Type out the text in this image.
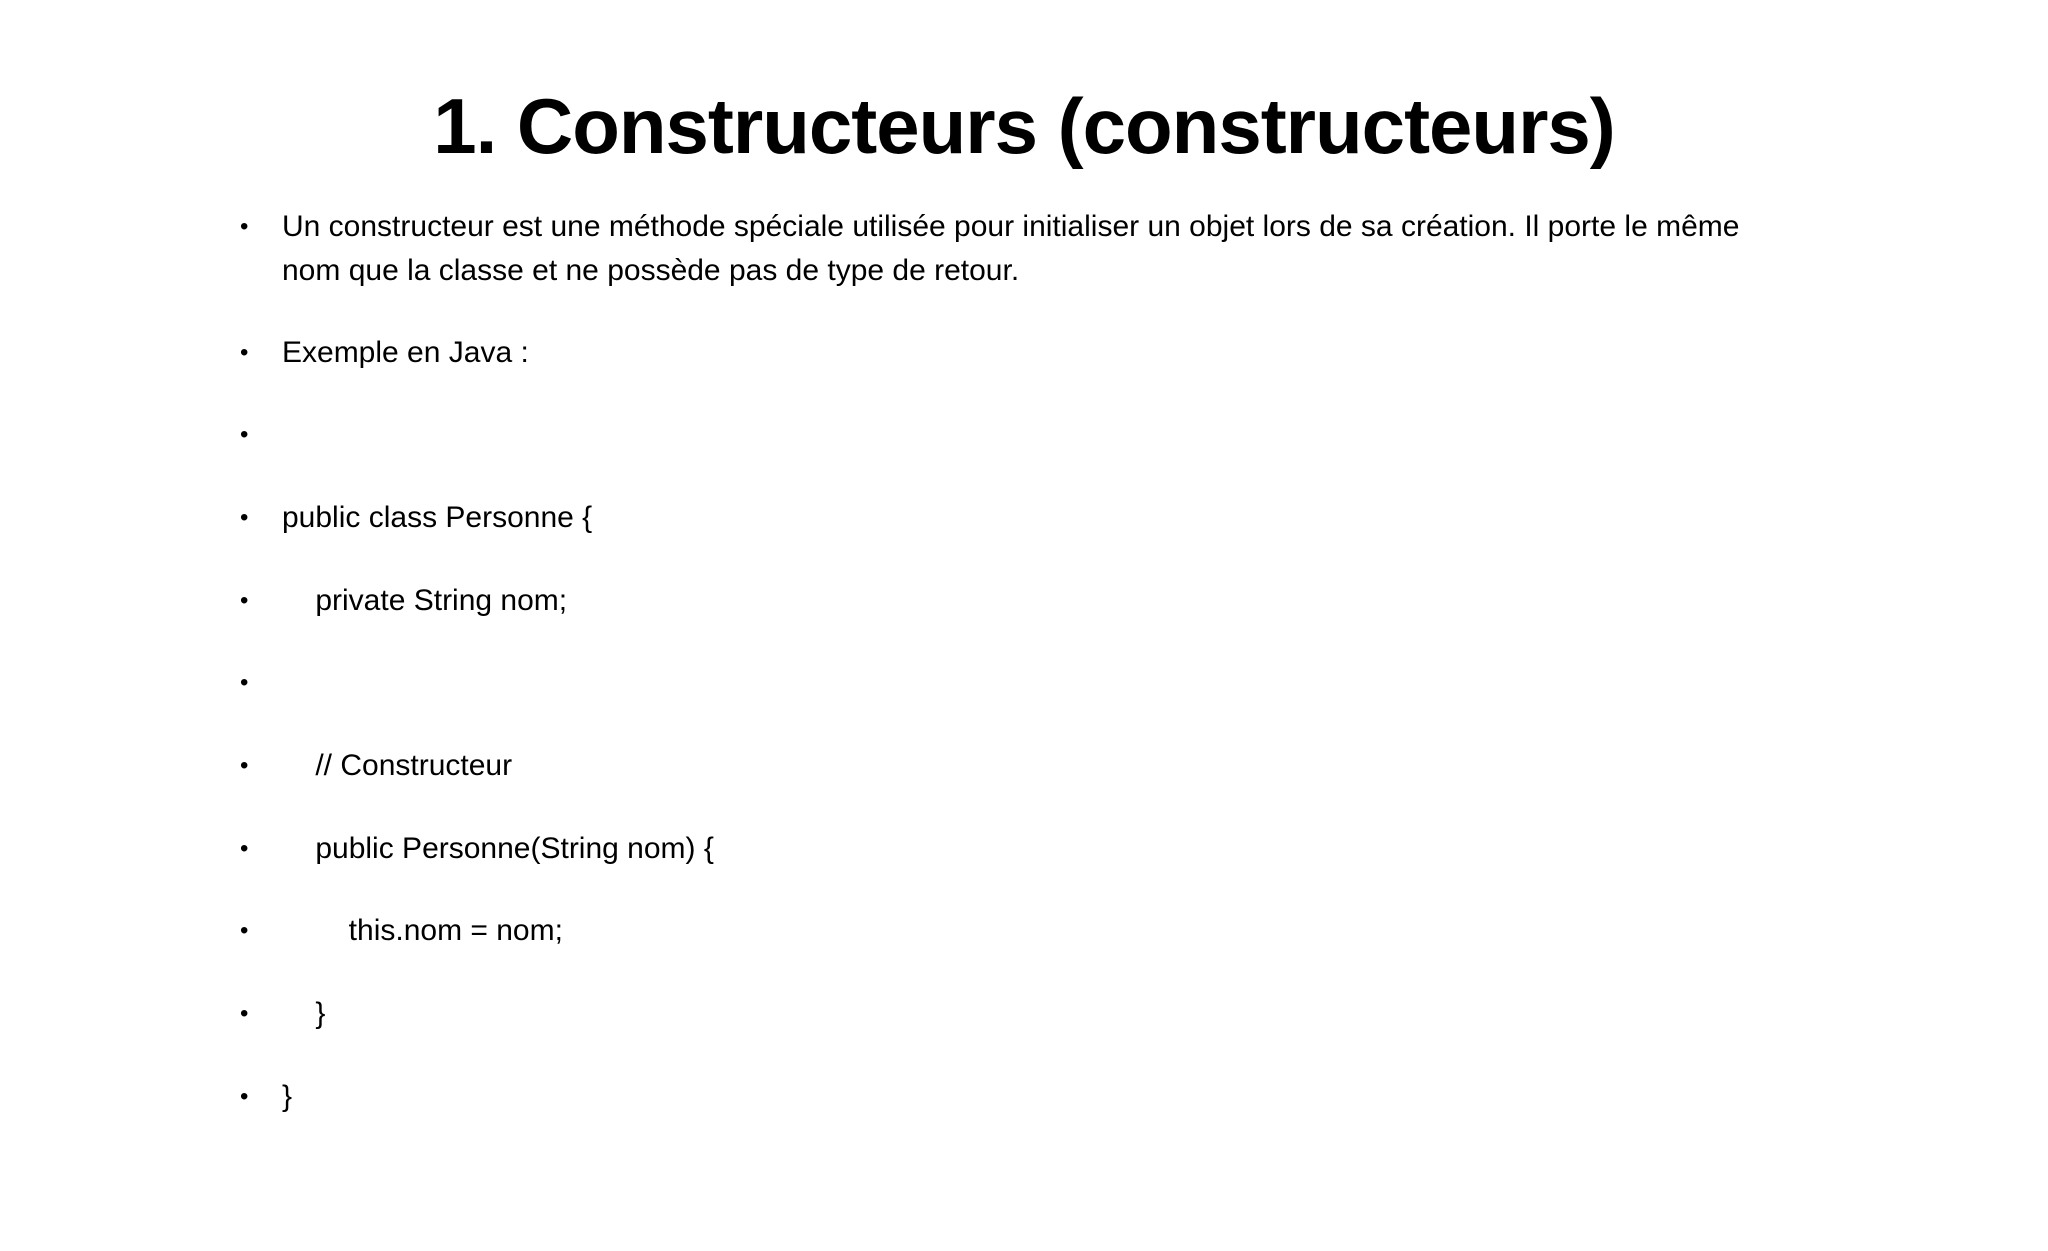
1. Constructeurs (constructeurs)

•

	Un constructeur est une méthode spéciale utilisée pour initialiser un objet lors de sa création. Il porte le même nom que la classe et ne possède pas de type de retour.

•

	Exemple en Java :

•

•

	public class Personne {

•

	private String nom;

•

•

	// Constructeur

•

	public Personne(String nom) {

•

	this.nom = nom;

•

	}

•

	}
